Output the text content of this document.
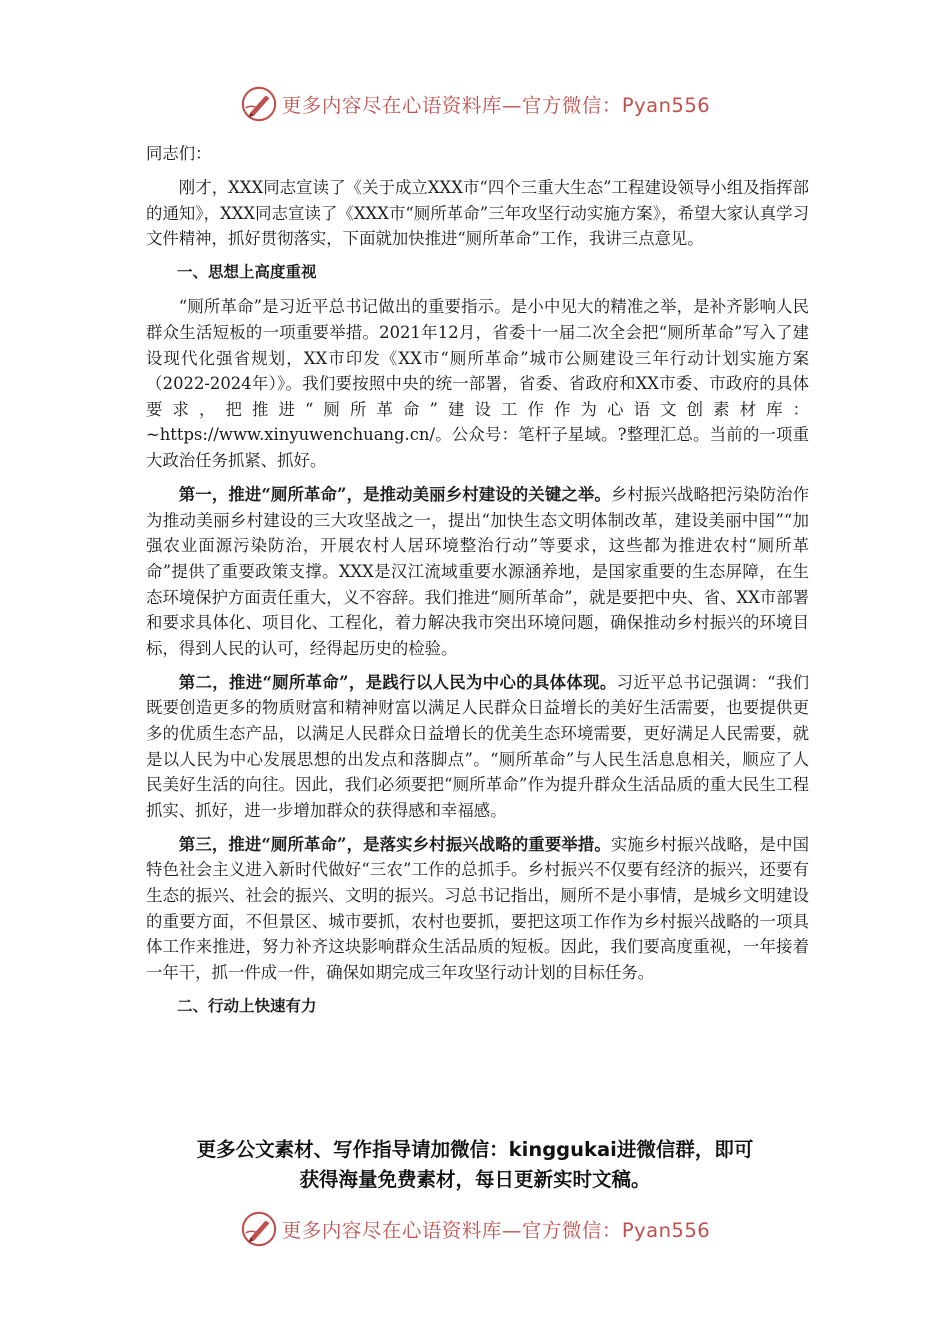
更多内容尽在心语资料库—官方微信：Pyan556

同志们：

刚才，XXX同志宣读了《关于成立XXX市“四个三重大生态”工程建设领导小组及指挥部的通知》，XXX同志宣读了《XXX市“厕所革命”三年攻坚行动实施方案》，希望大家认真学习文件精神，抓好贯彻落实，下面就加快推进“厕所革命”工作，我讲三点意见。

一、思想上高度重视

“厕所革命”是习近平总书记做出的重要指示。是小中见大的精准之举，是补齐影响人民群众生活短板的一项重要举措。2021年12月，省委十一届二次全会把“厕所革命”写入了建设现代化强省规划，XX市印发《XX市“厕所革命”城市公厕建设三年行动计划实施方案（2022-2024年）》。我们要按照中央的统一部署，省委、省政府和XX市委、市政府的具体要求，把推进“厕所革命”建设工作作为心语文创素材库：~https://www.xinyuwenchuang.cn/。公众号：笔杆子星域。?整理汇总。当前的一项重大政治任务抓紧、抓好。

第一，推进“厕所革命”，是推动美丽乡村建设的关键之举。乡村振兴战略把污染防治作为推动美丽乡村建设的三大攻坚战之一，提出“加快生态文明体制改革，建设美丽中国”“加强农业面源污染防治，开展农村人居环境整治行动”等要求，这些都为推进农村“厕所革命”提供了重要政策支撑。XXX是汉江流域重要水源涵养地，是国家重要的生态屏障，在生态环境保护方面责任重大，义不容辞。我们推进“厕所革命”，就是要把中央、省、XX市部署和要求具体化、项目化、工程化，着力解决我市突出环境问题，确保推动乡村振兴的环境目标，得到人民的认可，经得起历史的检验。

第二，推进“厕所革命”，是践行以人民为中心的具体体现。习近平总书记强调：“我们既要创造更多的物质财富和精神财富以满足人民群众日益增长的美好生活需要，也要提供更多的优质生态产品，以满足人民群众日益增长的优美生态环境需要，更好满足人民需要，就是以人民为中心发展思想的出发点和落脚点”。“厕所革命”与人民生活息息相关，顺应了人民美好生活的向往。因此，我们必须要把“厕所革命”作为提升群众生活品质的重大民生工程抓实、抓好，进一步增加群众的获得感和幸福感。

第三，推进“厕所革命”，是落实乡村振兴战略的重要举措。实施乡村振兴战略，是中国特色社会主义进入新时代做好“三农”工作的总抓手。乡村振兴不仅要有经济的振兴，还要有生态的振兴、社会的振兴、文明的振兴。习总书记指出，厕所不是小事情，是城乡文明建设的重要方面，不但景区、城市要抓，农村也要抓，要把这项工作作为乡村振兴战略的一项具体工作来推进，努力补齐这块影响群众生活品质的短板。因此，我们要高度重视，一年接着一年干，抓一件成一件，确保如期完成三年攻坚行动计划的目标任务。

二、行动上快速有力

更多公文素材、写作指导请加微信：kinggukai进微信群，即可
获得海量免费素材，每日更新实时文稿。
更多内容尽在心语资料库—官方微信：Pyan556
